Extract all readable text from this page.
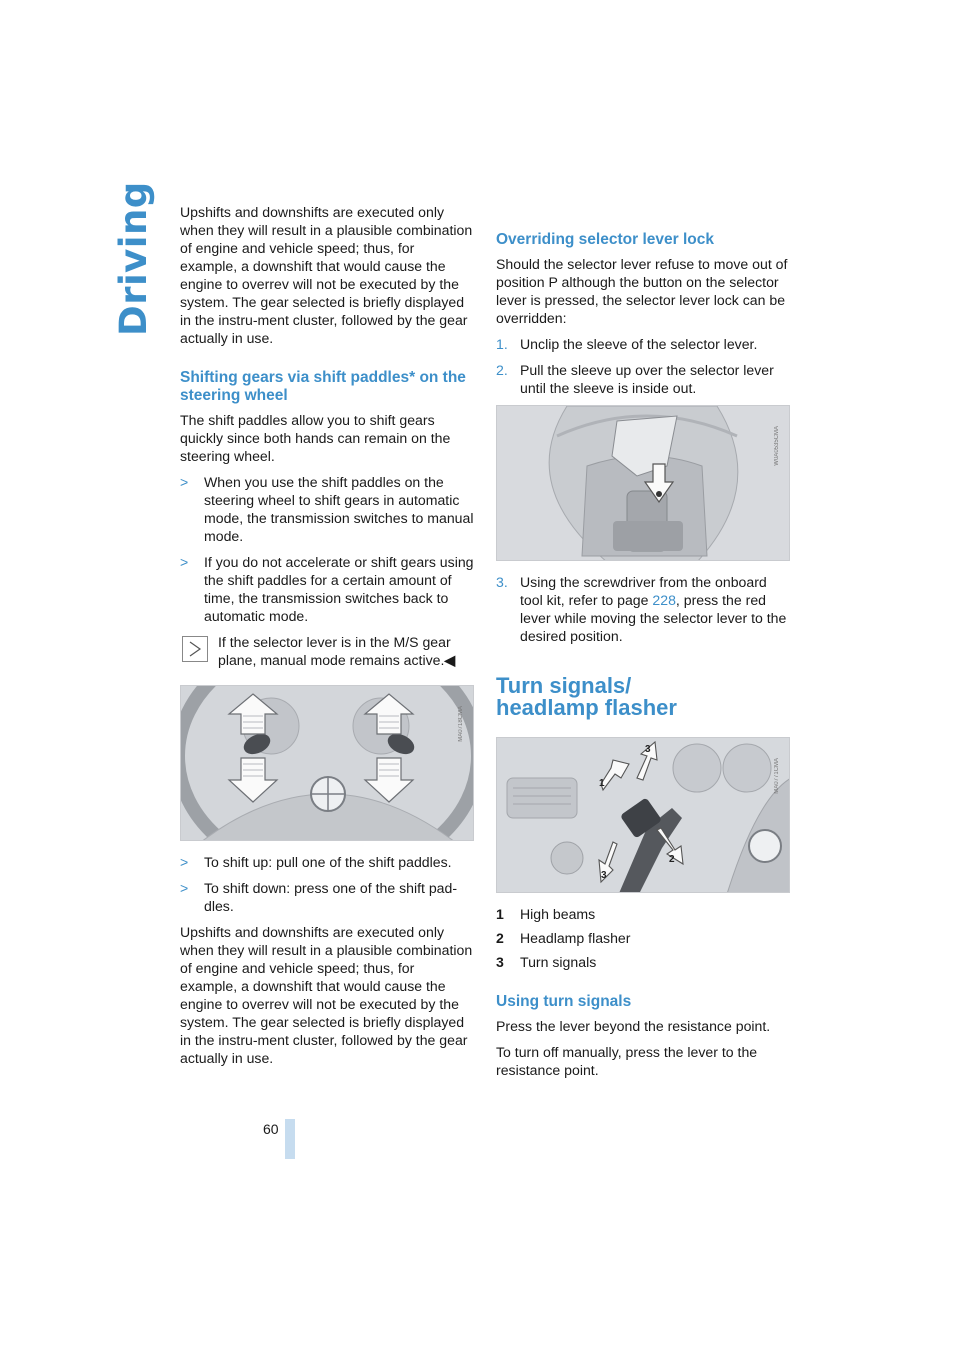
Driving Upshifts and downshifts are executed only when they will result in a plausible combination of engine and vehicle speed; thus, for example, a downshift that would cause the engine to overrev will not be executed by the system. The gear selected is briefly displayed in the instru-ment cluster, followed by the gear actually in use.

Shifting gears via shift paddles* on the steering wheel

The shift paddles allow you to shift gears quickly since both hands can remain on the steering wheel.

>	When you use the shift paddles on the steering wheel to shift gears in automatic mode, the transmission switches to manual mode.
>	If you do not accelerate or shift gears using the shift paddles for a certain amount of time, the transmission switches back to automatic mode.
If the selector lever is in the M/S gear plane, manual mode remains active.◀
MA0718CMA
>	To shift up: pull one of the shift paddles.
>	To shift down: press one of the shift pad-dles.

Upshifts and downshifts are executed only when they will result in a plausible combination of engine and vehicle speed; thus, for example, a downshift that would cause the engine to overrev will not be executed by the system. The gear selected is briefly displayed in the instru-ment cluster, followed by the gear actually in use.

Overriding selector lever lock

Should the selector lever refuse to move out of position P although the button on the selector lever is pressed, the selector lever lock can be overridden:

1. Unclip the sleeve of the selector lever.
2. Pull the sleeve up over the selector lever until the sleeve is inside out.
W0A0535CMA
3. Using the screwdriver from the onboard tool kit, refer to page 228, press the red lever while moving the selector lever to the desired position.
Turn signals/
headlamp flasher
1
3
2
3
MA0771CMA
1	High beams
2	Headlamp flasher
3	Turn signals
Using turn signals

Press the lever beyond the resistance point.

To turn off manually, press the lever to the resistance point.

60
